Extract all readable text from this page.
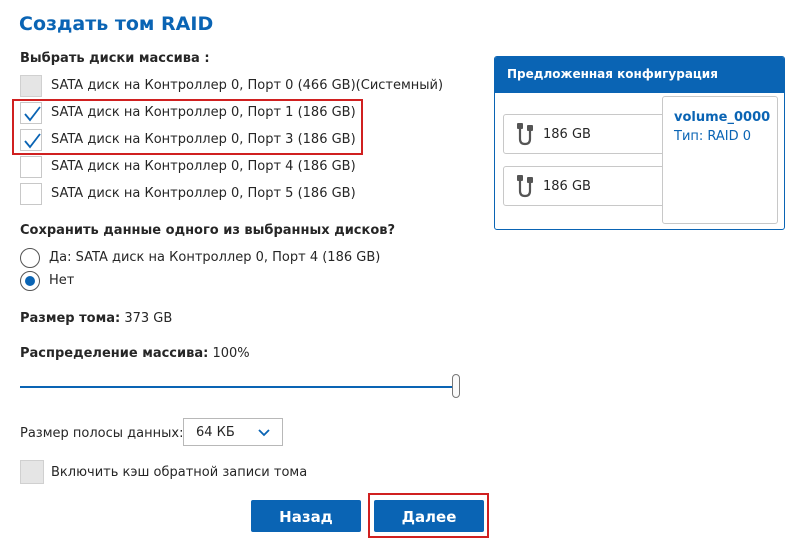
Создать том RAID
Выбрать диски массива :
SATA диск на Контроллер 0, Порт 0 (466 GB)(Системный)
SATA диск на Контроллер 0, Порт 1 (186 GB)
SATA диск на Контроллер 0, Порт 3 (186 GB)
SATA диск на Контроллер 0, Порт 4 (186 GB)
SATA диск на Контроллер 0, Порт 5 (186 GB)
Сохранить данные одного из выбранных дисков?
Да: SATA диск на Контроллер 0, Порт 4 (186 GB)
Нет
Размер тома: 373 GB
Распределение массива: 100%
Размер полосы данных: 64 КБ
Включить кэш обратной записи тома
Назад	Далее
Предложенная конфигурация
186 GB
186 GB
volume_0000
Тип: RAID 0
